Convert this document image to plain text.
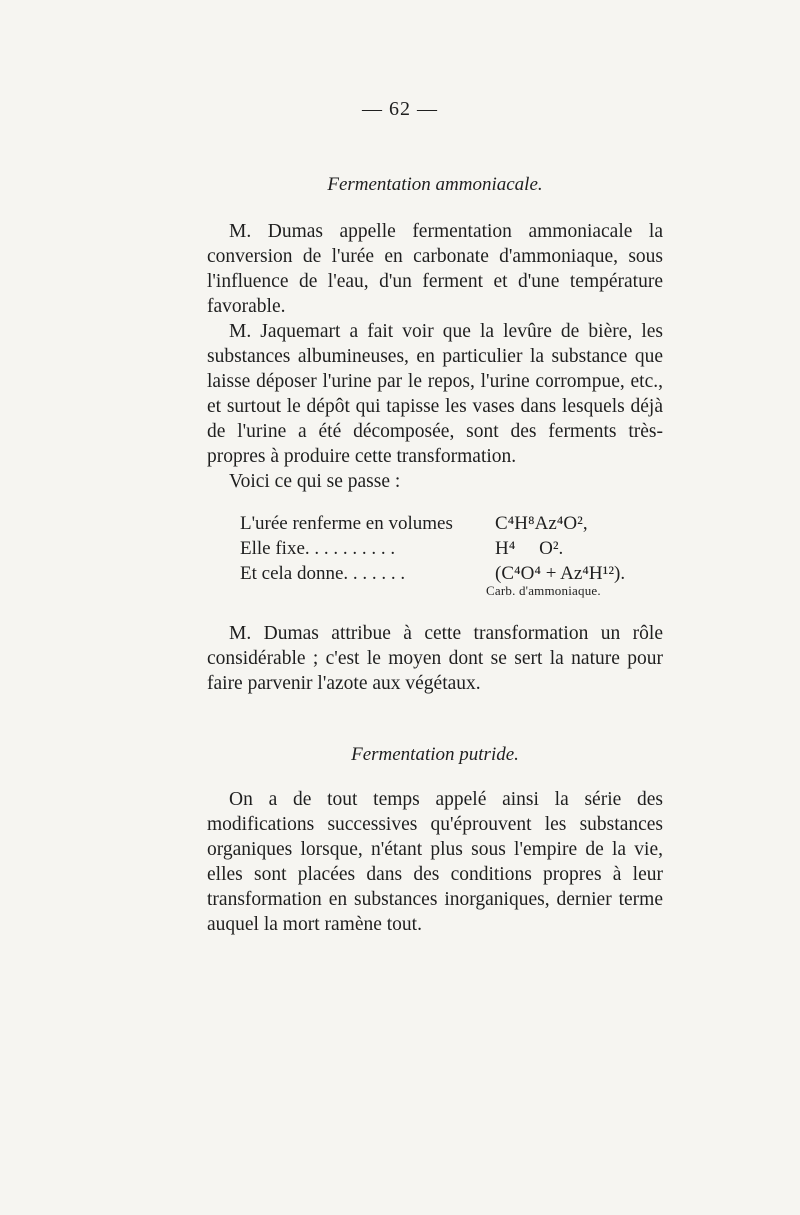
— 62 —
Fermentation ammoniacale.

M. Dumas appelle fermentation ammoniacale la conversion de l'urée en carbonate d'ammoniaque, sous l'influence de l'eau, d'un ferment et d'une température favorable.

M. Jaquemart a fait voir que la levûre de bière, les substances albumineuses, en particulier la substance que laisse déposer l'urine par le repos, l'urine corrompue, etc., et surtout le dépôt qui tapisse les vases dans lesquels déjà de l'urine a été décomposée, sont des ferments très-propres à produire cette transformation.

Voici ce qui se passe :

L'urée renferme en volumes C⁴H⁸Az⁴O²,
Elle fixe. . . . . . . . . .	H⁴     O².
Et cela donne. . . . . . .	(C⁴O⁴ + Az⁴H¹²).
Carb. d'ammoniaque.

M. Dumas attribue à cette transformation un rôle considérable ; c'est le moyen dont se sert la nature pour faire parvenir l'azote aux végétaux.

Fermentation putride.

On a de tout temps appelé ainsi la série des modifications successives qu'éprouvent les substances organiques lorsque, n'étant plus sous l'empire de la vie, elles sont placées dans des conditions propres à leur transformation en substances inorganiques, dernier terme auquel la mort ramène tout.
